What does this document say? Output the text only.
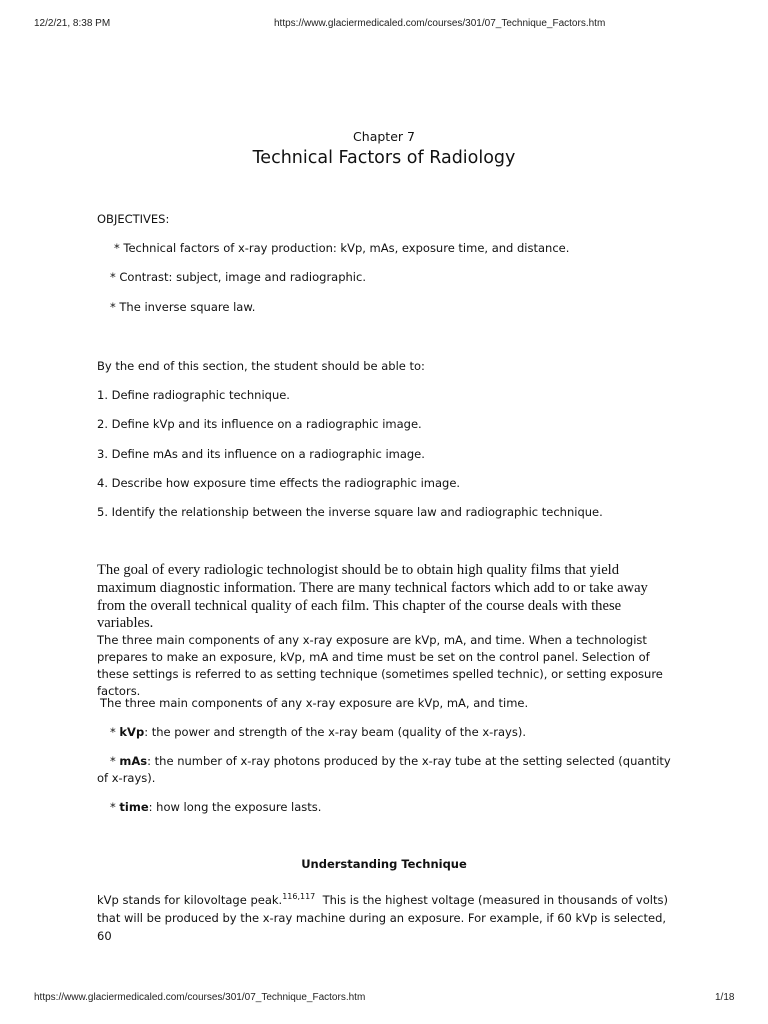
12/2/21, 8:38 PM	https://www.glaciermedicaled.com/courses/301/07_Technique_Factors.htm
Chapter 7
Technical Factors of Radiology
OBJECTIVES:
* Technical factors of x-ray production: kVp, mAs, exposure time, and distance.
* Contrast: subject, image and radiographic.
* The inverse square law.
By the end of this section, the student should be able to:
1. Define radiographic technique.
2. Define kVp and its influence on a radiographic image.
3. Define mAs and its influence on a radiographic image.
4. Describe how exposure time effects the radiographic image.
5. Identify the relationship between the inverse square law and radiographic technique.
The goal of every radiologic technologist should be to obtain high quality films that yield maximum diagnostic information. There are many technical factors which add to or take away from the overall technical quality of each film. This chapter of the course deals with these variables.
The three main components of any x-ray exposure are kVp, mA, and time. When a technologist prepares to make an exposure, kVp, mA and time must be set on the control panel. Selection of these settings is referred to as setting technique (sometimes spelled technic), or setting exposure factors.
The three main components of any x-ray exposure are kVp, mA, and time.
* kVp: the power and strength of the x-ray beam (quality of the x-rays).
* mAs: the number of x-ray photons produced by the x-ray tube at the setting selected (quantity of x-rays).
* time: how long the exposure lasts.
Understanding Technique
kVp stands for kilovoltage peak.$^{116,117}$  This is the highest voltage (measured in thousands of volts) that will be produced by the x-ray machine during an exposure. For example, if 60 kVp is selected, 60
https://www.glaciermedicaled.com/courses/301/07_Technique_Factors.htm	1/18
